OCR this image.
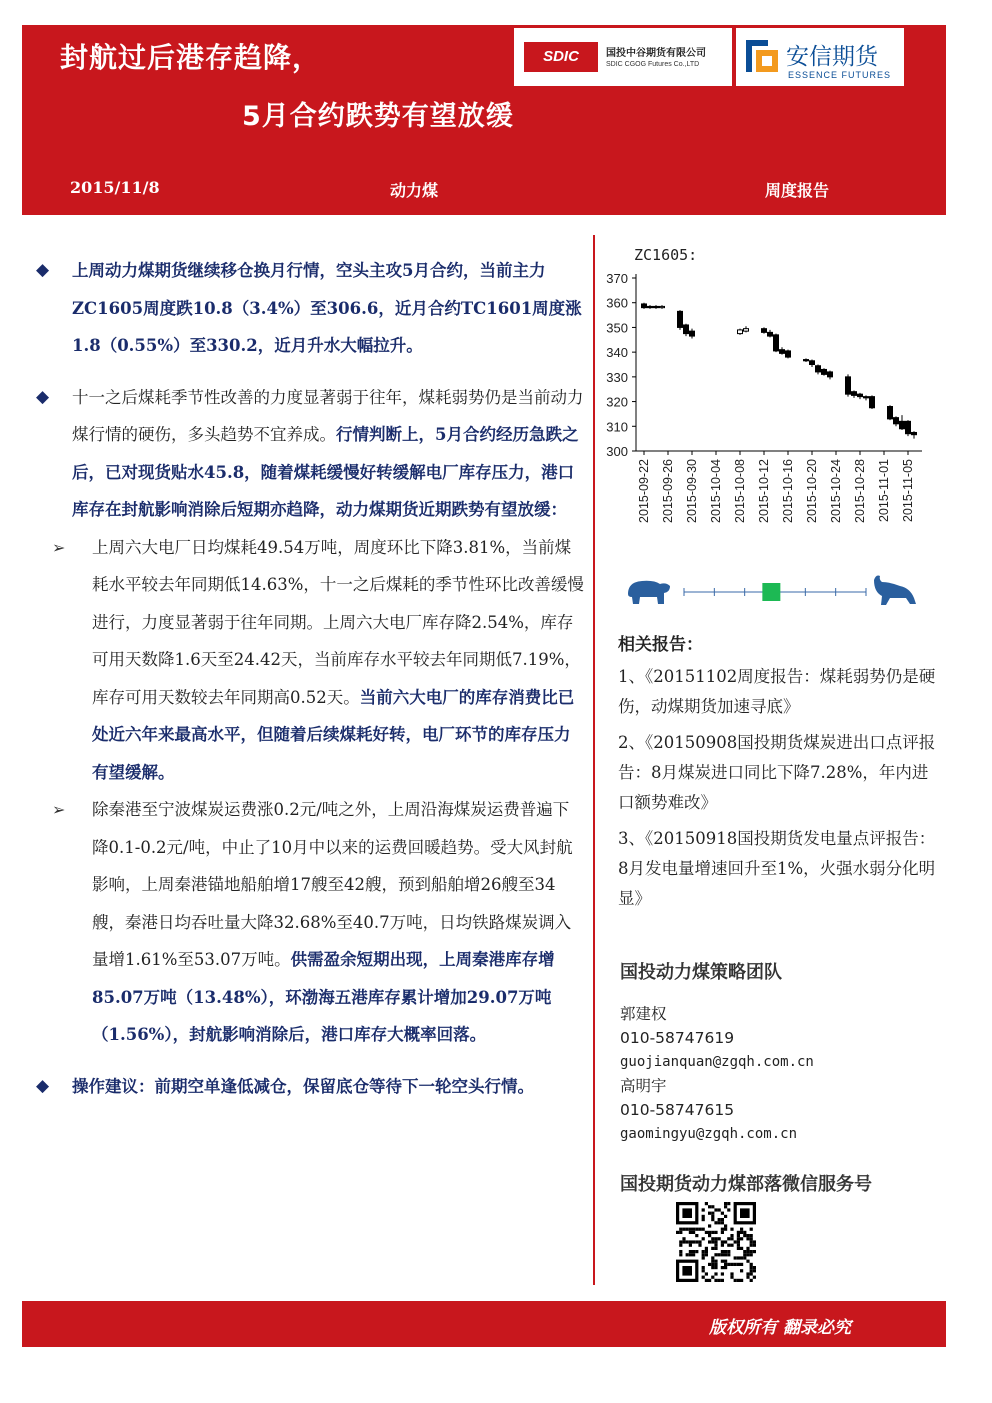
封航过后港存趋降，
5月合约跌势有望放缓
SDIC	国投中谷期货有限公司
SDIC CGOG Futures Co.,LTD	安信期货
ESSENCE FUTURES
2015/11/8	动力煤	周度报告

◆ 上周动力煤期货继续移仓换月行情，空头主攻5月合约，当前主力ZC1605周度跌10.8（3.4%）至306.6，近月合约TC1601周度涨1.8（0.55%）至330.2，近月升水大幅拉升。

◆ 十一之后煤耗季节性改善的力度显著弱于往年，煤耗弱势仍是当前动力煤行情的硬伤，多头趋势不宜养成。行情判断上，5月合约经历急跌之后，已对现货贴水45.8，随着煤耗缓慢好转缓解电厂库存压力，港口库存在封航影响消除后短期亦趋降，动力煤期货近期跌势有望放缓：

➢ 上周六大电厂日均煤耗49.54万吨，周度环比下降3.81%，当前煤耗水平较去年同期低14.63%，十一之后煤耗的季节性环比改善缓慢进行，力度显著弱于往年同期。上周六大电厂库存降2.54%，库存可用天数降1.6天至24.42天，当前库存水平较去年同期低7.19%，库存可用天数较去年同期高0.52天。当前六大电厂的库存消费比已处近六年来最高水平，但随着后续煤耗好转，电厂环节的库存压力有望缓解。

➢ 除秦港至宁波煤炭运费涨0.2元/吨之外，上周沿海煤炭运费普遍下降0.1-0.2元/吨，中止了10月中以来的运费回暖趋势。受大风封航影响，上周秦港锚地船舶增17艘至42艘，预到船舶增26艘至34艘，秦港日均吞吐量大降32.68%至40.7万吨，日均铁路煤炭调入量增1.61%至53.07万吨。供需盈余短期出现，上周秦港库存增85.07万吨（13.48%），环渤海五港库存累计增加29.07万吨（1.56%），封航影响消除后，港口库存大概率回落。

◆ 操作建议：前期空单逢低减仓，保留底仓等待下一轮空头行情。

ZC1605:
300
310
320
330
340
350
360
370
2015-09-22 2015-09-26 2015-09-30 2015-10-04 2015-10-08 2015-10-12 2015-10-16 2015-10-20 2015-10-24 2015-10-28 2015-11-01 2015-11-05
相关报告：
1、《20151102周度报告：煤耗弱势仍是硬伤，动煤期货加速寻底》
2、《20150908国投期货煤炭进出口点评报告：8月煤炭进口同比下降7.28%，年内进口额势难改》
3、《20150918国投期货发电量点评报告：8月发电量增速回升至1%，火强水弱分化明显》
国投动力煤策略团队
郭建权
010-58747619
guojianquan@zgqh.com.cn
高明宇
010-58747615
gaomingyu@zgqh.com.cn
国投期货动力煤部落微信服务号
版权所有 翻录必究
